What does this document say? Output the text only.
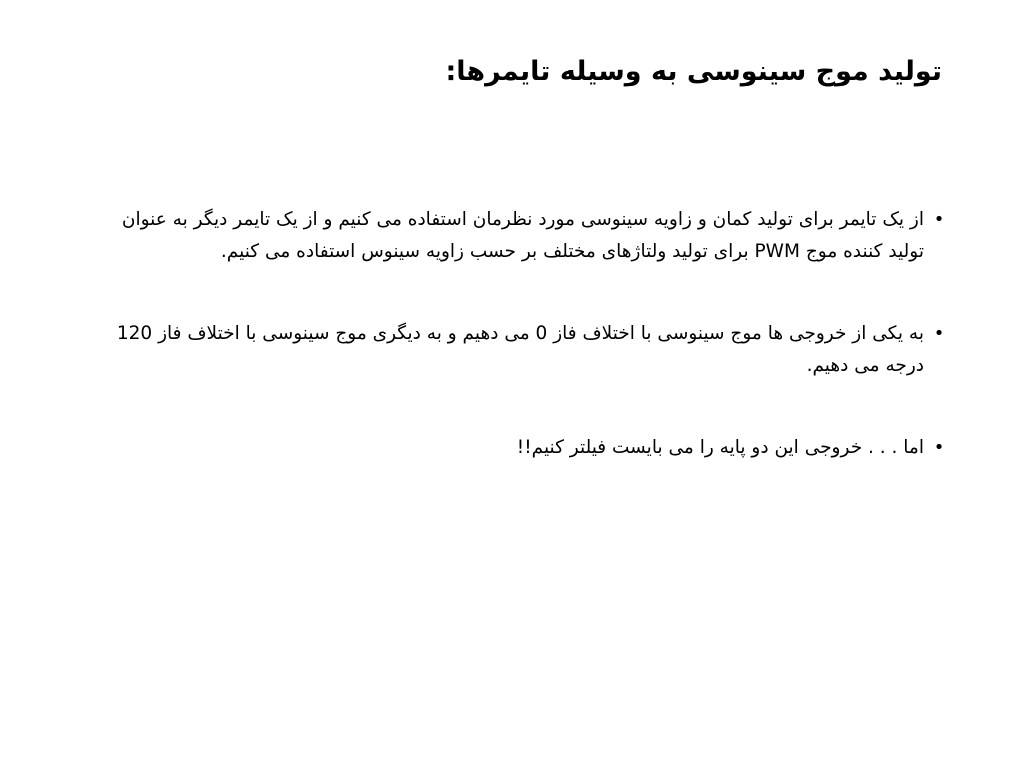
تولید موج سینوسی به وسیله تایمرها:
•
از یک تایمر برای تولید کمان و زاویه سینوسی مورد نظرمان استفاده می کنیم و از یک تایمر دیگر به عنوان تولید کننده موج PWM برای تولید ولتاژهای مختلف بر حسب زاویه سینوس استفاده می کنیم.
•
به یکی از خروجی ها موج سینوسی با اختلاف فاز 0 می دهیم و به دیگری موج سینوسی با اختلاف فاز 120 درجه می دهیم.
•
اما . . . خروجی این دو پایه را می بایست فیلتر کنیم!!
